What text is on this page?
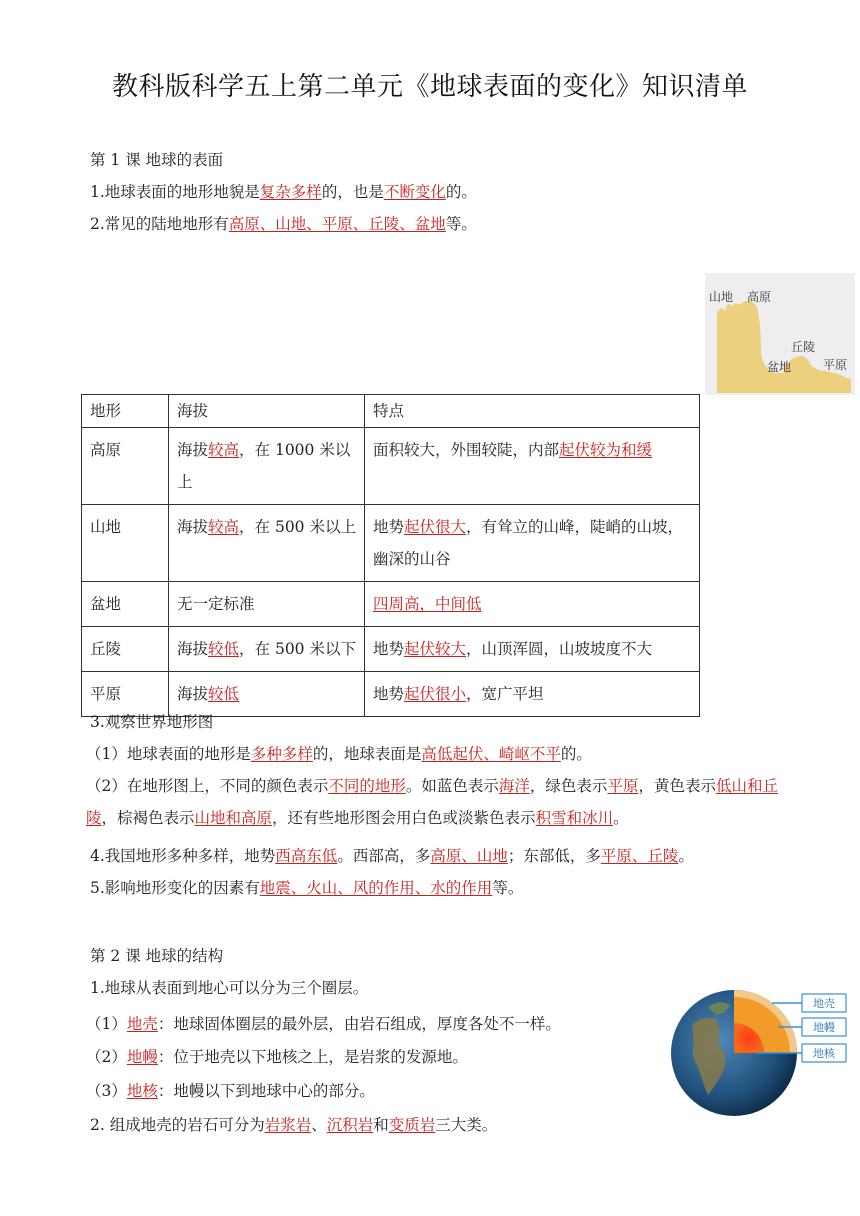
教科版科学五上第二单元《地球表面的变化》知识清单
第 1 课 地球的表面
1.地球表面的地形地貌是复杂多样的，也是不断变化的。
2.常见的陆地地形有高原、山地、平原、丘陵、盆地等。
山地 高原
丘陵
盆地	平原
地形	海拔	特点
高原	海拔较高，在 1000 米以上	面积较大，外围较陡，内部起伏较为和缓
山地	海拔较高，在 500 米以上	地势起伏很大，有耸立的山峰，陡峭的山坡，幽深的山谷
盆地	无一定标准	四周高，中间低
丘陵	海拔较低，在 500 米以下	地势起伏较大，山顶浑圆，山坡坡度不大
平原	海拔较低	地势起伏很小，宽广平坦
3.观察世界地形图
（1）地球表面的地形是多种多样的，地球表面是高低起伏、崎岖不平的。
（2）在地形图上，不同的颜色表示不同的地形。如蓝色表示海洋，绿色表示平原，黄色表示低山和丘陵，棕褐色表示山地和高原，还有些地形图会用白色或淡紫色表示积雪和冰川。
4.我国地形多种多样，地势西高东低。西部高，多高原、山地；东部低，多平原、丘陵。
5.影响地形变化的因素有地震、火山、风的作用、水的作用等。
第 2 课 地球的结构
1.地球从表面到地心可以分为三个圈层。
（1）地壳：地球固体圈层的最外层，由岩石组成，厚度各处不一样。
（2）地幔：位于地壳以下地核之上，是岩浆的发源地。
（3）地核：地幔以下到地球中心的部分。
2. 组成地壳的岩石可分为岩浆岩、沉积岩和变质岩三大类。
地壳
地幔
地核
